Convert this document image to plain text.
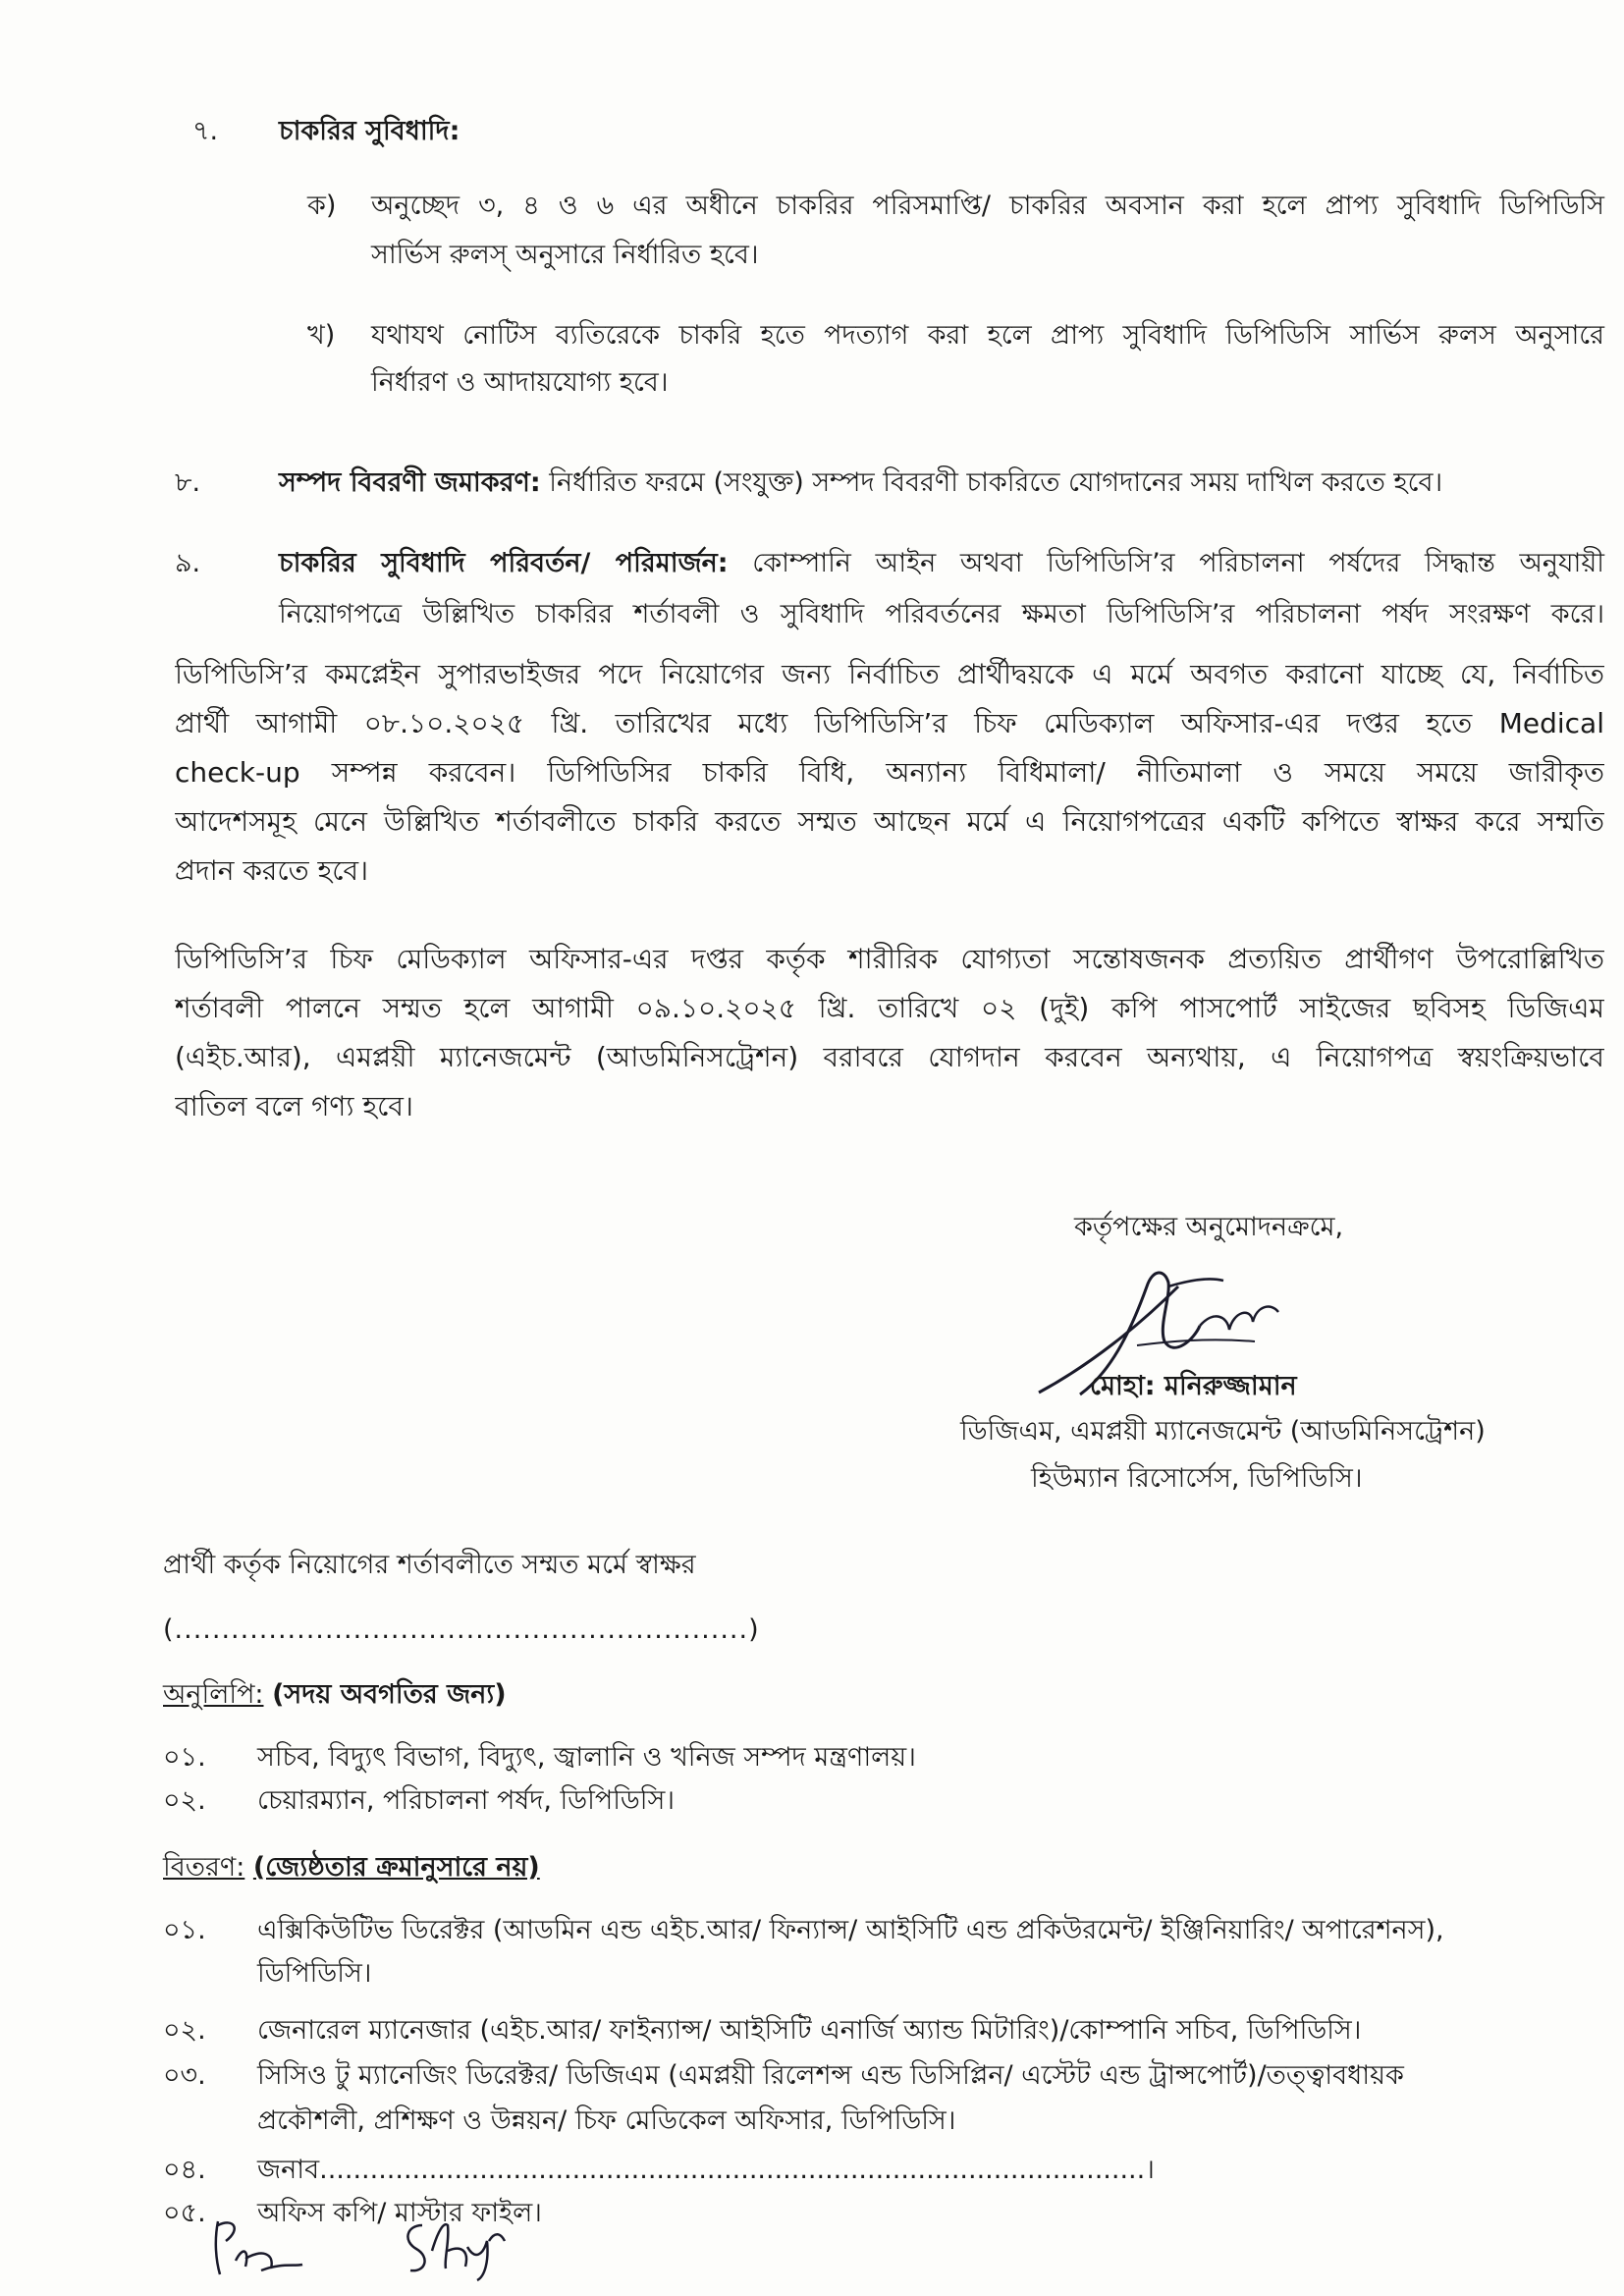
৭. চাকরির সুবিধাদি:
ক) অনুচ্ছেদ ৩, ৪ ও ৬ এর অধীনে চাকরির পরিসমাপ্তি/ চাকরির অবসান করা হলে প্রাপ্য সুবিধাদি ডিপিডিসি
সার্ভিস রুলস্ অনুসারে নির্ধারিত হবে।
খ) যথাযথ নোটিস ব্যতিরেকে চাকরি হতে পদত্যাগ করা হলে প্রাপ্য সুবিধাদি ডিপিডিসি সার্ভিস রুলস অনুসারে
নির্ধারণ ও আদায়যোগ্য হবে।
৮.	সম্পদ বিবরণী জমাকরণ: নির্ধারিত ফরমে (সংযুক্ত) সম্পদ বিবরণী চাকরিতে যোগদানের সময় দাখিল করতে হবে।
৯.	চাকরির সুবিধাদি পরিবর্তন/ পরিমার্জন: কোম্পানি আইন অথবা ডিপিডিসি’র পরিচালনা পর্ষদের সিদ্ধান্ত অনুযায়ী
নিয়োগপত্রে উল্লিখিত চাকরির শর্তাবলী ও সুবিধাদি পরিবর্তনের ক্ষমতা ডিপিডিসি’র পরিচালনা পর্ষদ সংরক্ষণ করে।
ডিপিডিসি’র কমপ্লেইন সুপারভাইজর পদে নিয়োগের জন্য নির্বাচিত প্রার্থীদ্বয়কে এ মর্মে অবগত করানো যাচ্ছে যে, নির্বাচিত
প্রার্থী আগামী ০৮.১০.২০২৫ খ্রি. তারিখের মধ্যে ডিপিডিসি’র চিফ মেডিক্যাল অফিসার-এর দপ্তর হতে Medical
check-up সম্পন্ন করবেন। ডিপিডিসির চাকরি বিধি, অন্যান্য বিধিমালা/ নীতিমালা ও সময়ে সময়ে জারীকৃত
আদেশসমূহ মেনে উল্লিখিত শর্তাবলীতে চাকরি করতে সম্মত আছেন মর্মে এ নিয়োগপত্রের একটি কপিতে স্বাক্ষর করে সম্মতি
প্রদান করতে হবে।
ডিপিডিসি’র চিফ মেডিক্যাল অফিসার-এর দপ্তর কর্তৃক শারীরিক যোগ্যতা সন্তোষজনক প্রত্যয়িত প্রার্থীগণ উপরোল্লিখিত
শর্তাবলী পালনে সম্মত হলে আগামী ০৯.১০.২০২৫ খ্রি. তারিখে ০২ (দুই) কপি পাসপোর্ট সাইজের ছবিসহ ডিজিএম
(এইচ.আর), এমপ্লয়ী ম্যানেজমেন্ট (আডমিনিসট্রেশন) বরাবরে যোগদান করবেন অন্যথায়, এ নিয়োগপত্র স্বয়ংক্রিয়ভাবে
বাতিল বলে গণ্য হবে।
কর্তৃপক্ষের অনুমোদনক্রমে,
মোহা: মনিরুজ্জামান
ডিজিএম, এমপ্লয়ী ম্যানেজমেন্ট (আডমিনিসট্রেশন)
হিউম্যান রিসোর্সেস, ডিপিডিসি।
প্রার্থী কর্তৃক নিয়োগের শর্তাবলীতে সম্মত মর্মে স্বাক্ষর
(.............................................................)
অনুলিপি: (সদয় অবগতির জন্য)
০১. সচিব, বিদ্যুৎ বিভাগ, বিদ্যুৎ, জ্বালানি ও খনিজ সম্পদ মন্ত্রণালয়।
০২. চেয়ারম্যান, পরিচালনা পর্ষদ, ডিপিডিসি।
বিতরণ: (জ্যেষ্ঠতার ক্রমানুসারে নয়)
০১. এক্সিকিউটিভ ডিরেক্টর (আডমিন এন্ড এইচ.আর/ ফিন্যান্স/ আইসিটি এন্ড প্রকিউরমেন্ট/ ইঞ্জিনিয়ারিং/ অপারেশনস),
ডিপিডিসি।
০২. জেনারেল ম্যানেজার (এইচ.আর/ ফাইন্যান্স/ আইসিটি এনার্জি অ্যান্ড মিটারিং)/কোম্পানি সচিব, ডিপিডিসি।
০৩. সিসিও টু ম্যানেজিং ডিরেক্টর/ ডিজিএম (এমপ্লয়ী রিলেশন্স এন্ড ডিসিপ্লিন/ এস্টেট এন্ড ট্রান্সপোর্ট)/তত্ত্বাবধায়ক
প্রকৌশলী, প্রশিক্ষণ ও উন্নয়ন/ চিফ মেডিকেল অফিসার, ডিপিডিসি।
০৪. জনাব..................................................................................................।
০৫. অফিস কপি/ মাস্টার ফাইল।
